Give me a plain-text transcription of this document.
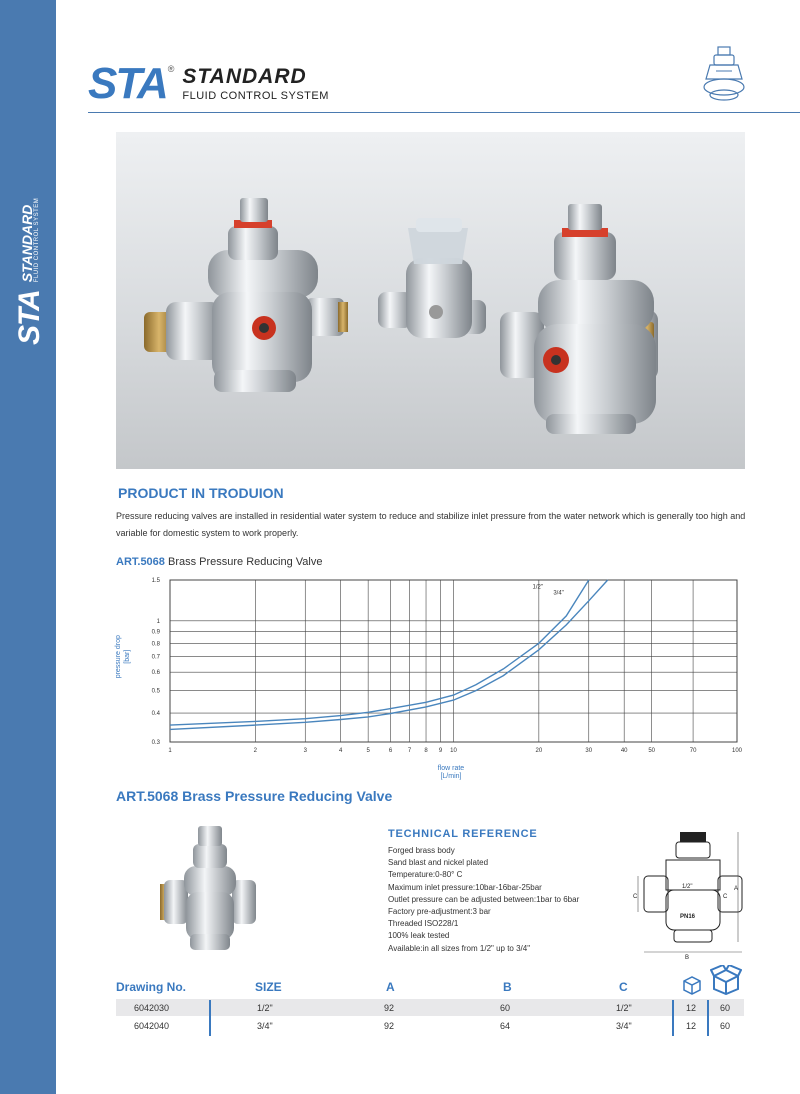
STA
STANDARD FLUID CONTROL SYSTEM
STA ® STANDARD
FLUID CONTROL SYSTEM
PRODUCT IN TRODUION
Pressure reducing valves are installed in residential water system to reduce and stabilize inlet pressure from the water network which is generally too high and variable for domestic system to work properly.
ART.5068 Brass Pressure Reducing Valve
1	2	3	4	5	6	7 8 9 10	20	30	40	50	70	100
0.3
0.4
0.5
0.6
0.7
0.8
0.9
1
1.5
flow rate
[L/min]
pressure drop [bar]
1/2"
3/4"
ART.5068 Brass Pressure Reducing Valve
TECHNICAL REFERENCE
Forged brass body
Sand blast and nickel plated
Temperature:0-80° C
Maximum inlet pressure:10bar-16bar-25bar
Outlet pressure can be adjusted between:1bar to 6bar
Factory pre-adjustment:3 bar
Threaded ISO228/1
100% leak tested
Available:in all sizes from 1/2" up to 3/4"
1/2"
PN16
A
B
C	C
Drawing No.	SIZE	A	B	C
6042030	1/2"	92	60	1/2"	12	60
6042040	3/4"	92	64	3/4"	12	60
